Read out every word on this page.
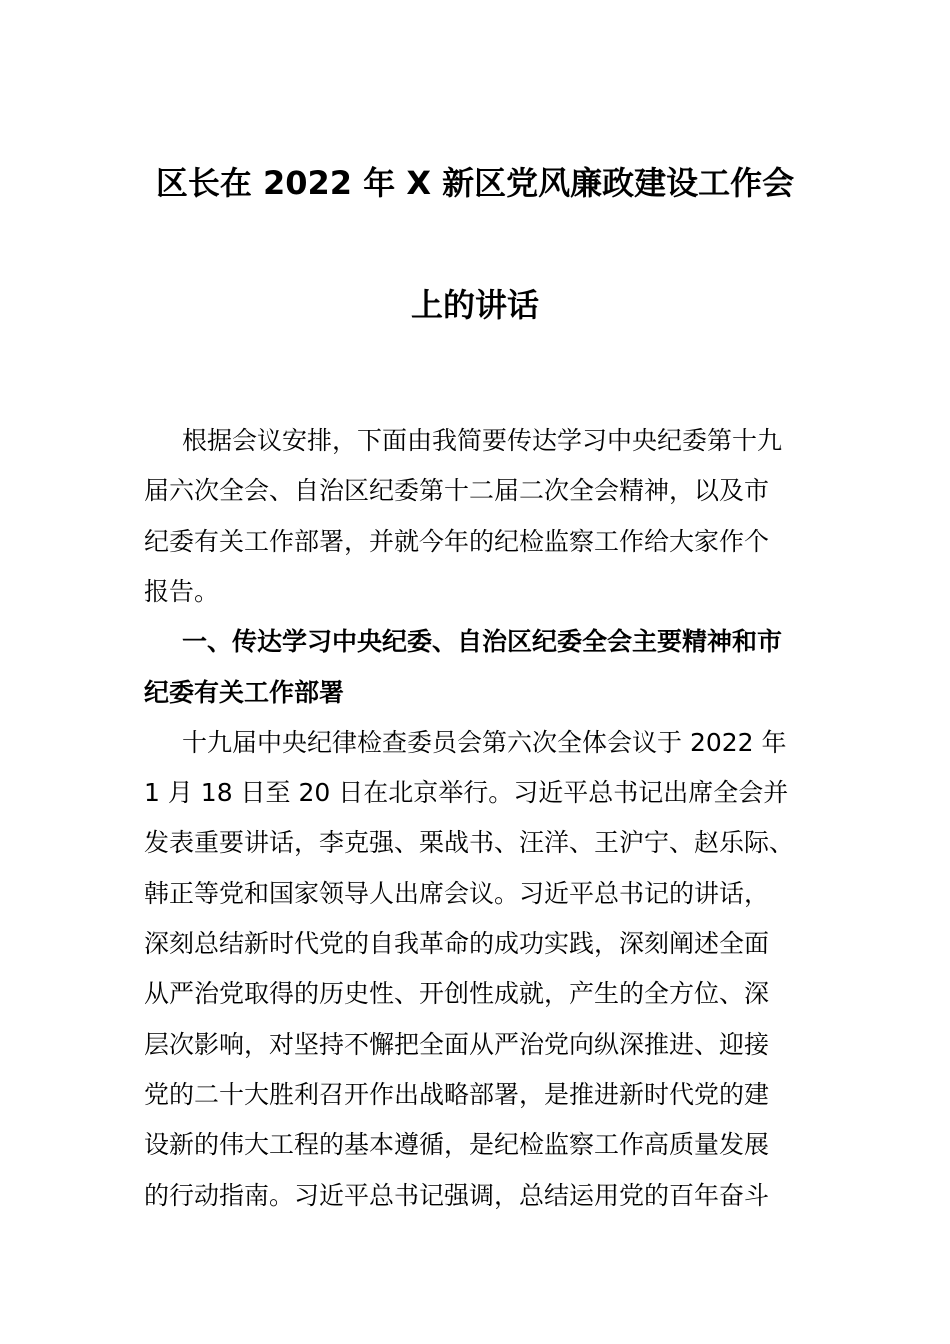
区长在 2022 年 X 新区党风廉政建设工作会
上的讲话
根据会议安排，下面由我简要传达学习中央纪委第十九
届六次全会、自治区纪委第十二届二次全会精神，以及市
纪委有关工作部署，并就今年的纪检监察工作给大家作个
报告。
一、传达学习中央纪委、自治区纪委全会主要精神和市
纪委有关工作部署
十九届中央纪律检查委员会第六次全体会议于 2022 年
1 月 18 日至 20 日在北京举行。习近平总书记出席全会并
发表重要讲话，李克强、栗战书、汪洋、王沪宁、赵乐际、
韩正等党和国家领导人出席会议。习近平总书记的讲话，
深刻总结新时代党的自我革命的成功实践，深刻阐述全面
从严治党取得的历史性、开创性成就，产生的全方位、深
层次影响，对坚持不懈把全面从严治党向纵深推进、迎接
党的二十大胜利召开作出战略部署，是推进新时代党的建
设新的伟大工程的基本遵循，是纪检监察工作高质量发展
的行动指南。习近平总书记强调，总结运用党的百年奋斗
